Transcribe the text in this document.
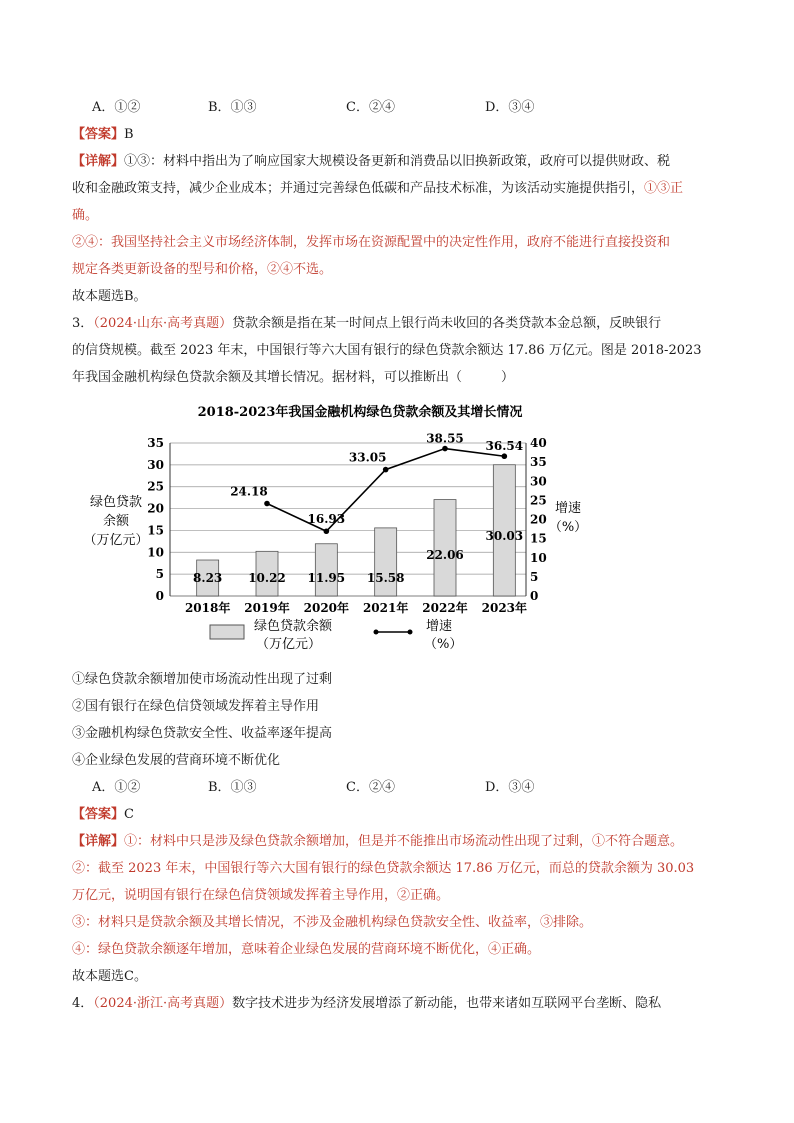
A．①②	B．①③	C．②④	D．③④
【答案】B
【详解】①③：材料中指出为了响应国家大规模设备更新和消费品以旧换新政策，政府可以提供财政、税
收和金融政策支持，减少企业成本；并通过完善绿色低碳和产品技术标准，为该活动实施提供指引，①③正
确。
②④：我国坚持社会主义市场经济体制，发挥市场在资源配置中的决定性作用，政府不能进行直接投资和
规定各类更新设备的型号和价格，②④不选。
故本题选B。
3．（2024·山东·高考真题）贷款余额是指在某一时间点上银行尚未收回的各类贷款本金总额，反映银行
的信贷规模。截至 2023 年末，中国银行等六大国有银行的绿色贷款余额达 17.86 万亿元。图是 2018-2023
年我国金融机构绿色贷款余额及其增长情况。据材料，可以推断出（　　　）
2018-2023年我国金融机构绿色贷款余额及其增长情况
0
5
10
15
20
25
30
35
0
5
10
15
20
25
30
35
40
8.23 10.22 11.95 15.58
22.06
30.03
24.18
16.93
33.05
38.55
36.54
2018年 2019年 2020年 2021年 2022年 2023年
绿色贷款
余额
（万亿元）
增速
（%）
绿色贷款余额
（万亿元）
增速
（%）
①绿色贷款余额增加使市场流动性出现了过剩
②国有银行在绿色信贷领域发挥着主导作用
③金融机构绿色贷款安全性、收益率逐年提高
④企业绿色发展的营商环境不断优化
A．①②	B．①③	C．②④	D．③④
【答案】C
【详解】①：材料中只是涉及绿色贷款余额增加，但是并不能推出市场流动性出现了过剩，①不符合题意。
②：截至 2023 年末，中国银行等六大国有银行的绿色贷款余额达 17.86 万亿元，而总的贷款余额为 30.03
万亿元，说明国有银行在绿色信贷领域发挥着主导作用，②正确。
③：材料只是贷款余额及其增长情况，不涉及金融机构绿色贷款安全性、收益率，③排除。
④：绿色贷款余额逐年增加，意味着企业绿色发展的营商环境不断优化，④正确。
故本题选C。
4．（2024·浙江·高考真题）数字技术进步为经济发展增添了新动能，也带来诸如互联网平台垄断、隐私
